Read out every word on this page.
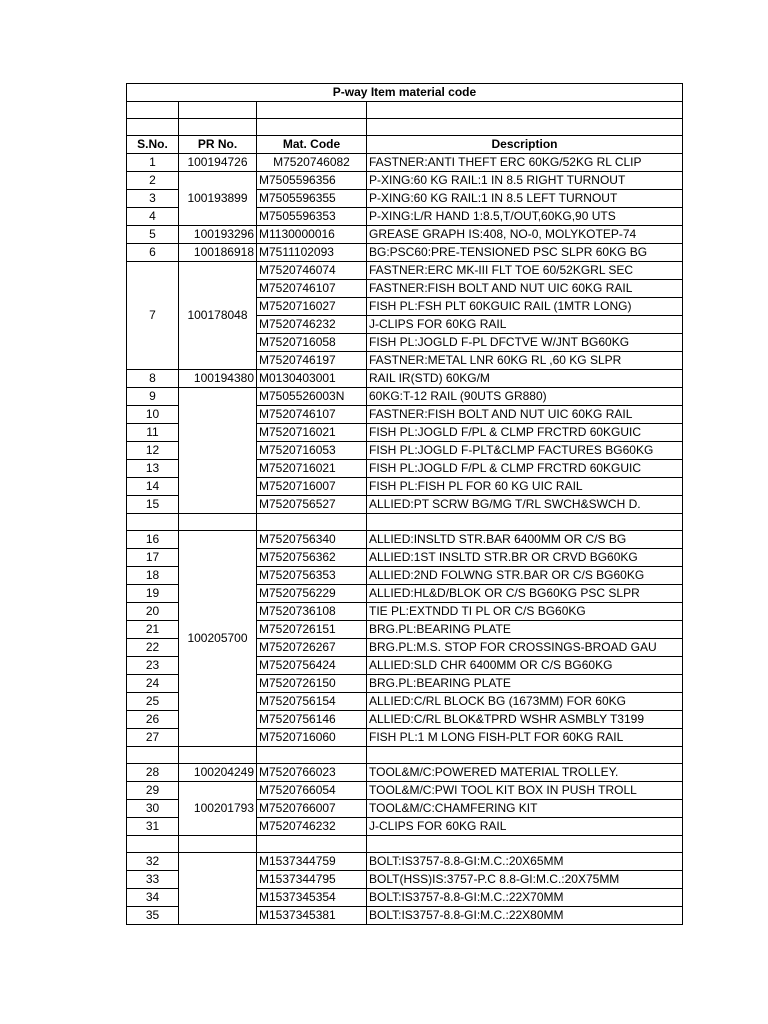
P-way Item material code			

S.No.	PR No.	Mat. Code	Description
1	100194726	M7520746082	FASTNER:ANTI THEFT ERC 60KG/52KG RL CLIP
2	100193899	M7505596356	P-XING:60 KG RAIL:1 IN 8.5 RIGHT TURNOUT
3		M7505596355	P-XING:60 KG RAIL:1 IN 8.5 LEFT TURNOUT
4		M7505596353	P-XING:L/R HAND 1:8.5,T/OUT,60KG,90 UTS
5	100193296	M1130000016	GREASE GRAPH IS:408, NO-0, MOLYKOTEP-74
6	100186918	M7511102093	BG:PSC60:PRE-TENSIONED PSC SLPR 60KG BG
7	100178048	M7520746074	FASTNER:ERC MK-III FLT TOE 60/52KGRL SEC
		M7520746107	FASTNER:FISH BOLT AND NUT UIC 60KG RAIL
		M7520716027	FISH PL:FSH PLT 60KGUIC RAIL (1MTR LONG)
		M7520746232	J-CLIPS FOR 60KG RAIL
		M7520716058	FISH PL:JOGLD F-PL DFCTVE W/JNT BG60KG
		M7520746197	FASTNER:METAL LNR 60KG RL ,60 KG SLPR
8	100194380	M0130403001	RAIL IR(STD) 60KG/M
9		M7505526003N	60KG:T-12 RAIL (90UTS GR880)
10		M7520746107	FASTNER:FISH BOLT AND NUT UIC 60KG RAIL
11		M7520716021	FISH PL:JOGLD F/PL & CLMP FRCTRD 60KGUIC
12		M7520716053	FISH PL:JOGLD F-PLT&CLMP FACTURES BG60KG
13		M7520716021	FISH PL:JOGLD F/PL & CLMP FRCTRD 60KGUIC
14		M7520716007	FISH PL:FISH PL FOR 60 KG UIC RAIL
15		M7520756527	ALLIED:PT SCRW BG/MG T/RL SWCH&SWCH D.

16	100205700	M7520756340	ALLIED:INSLTD STR.BAR 6400MM OR C/S BG
17		M7520756362	ALLIED:1ST INSLTD STR.BR OR CRVD BG60KG
18		M7520756353	ALLIED:2ND FOLWNG STR.BAR OR C/S BG60KG
19		M7520756229	ALLIED:HL&D/BLOK OR C/S BG60KG PSC SLPR
20		M7520736108	TIE PL:EXTNDD TI PL OR C/S BG60KG
21		M7520726151	BRG.PL:BEARING PLATE
22		M7520726267	BRG.PL:M.S. STOP FOR CROSSINGS-BROAD GAU
23		M7520756424	ALLIED:SLD CHR 6400MM OR C/S BG60KG
24		M7520726150	BRG.PL:BEARING PLATE
25		M7520756154	ALLIED:C/RL BLOCK BG (1673MM) FOR 60KG
26		M7520756146	ALLIED:C/RL BLOK&TPRD WSHR ASMBLY T3199
27		M7520716060	FISH PL:1 M LONG FISH-PLT FOR 60KG RAIL

28	100204249	M7520766023	TOOL&M/C:POWERED MATERIAL TROLLEY.
29	100201793	M7520766054	TOOL&M/C:PWI TOOL KIT BOX IN PUSH TROLL
30		M7520766007	TOOL&M/C:CHAMFERING KIT
31		M7520746232	J-CLIPS FOR 60KG RAIL

32		M1537344759	BOLT:IS3757-8.8-GI:M.C.:20X65MM
33		M1537344795	BOLT(HSS)IS:3757-P.C 8.8-GI:M.C.:20X75MM
34		M1537345354	BOLT:IS3757-8.8-GI:M.C.:22X70MM
35		M1537345381	BOLT:IS3757-8.8-GI:M.C.:22X80MM
